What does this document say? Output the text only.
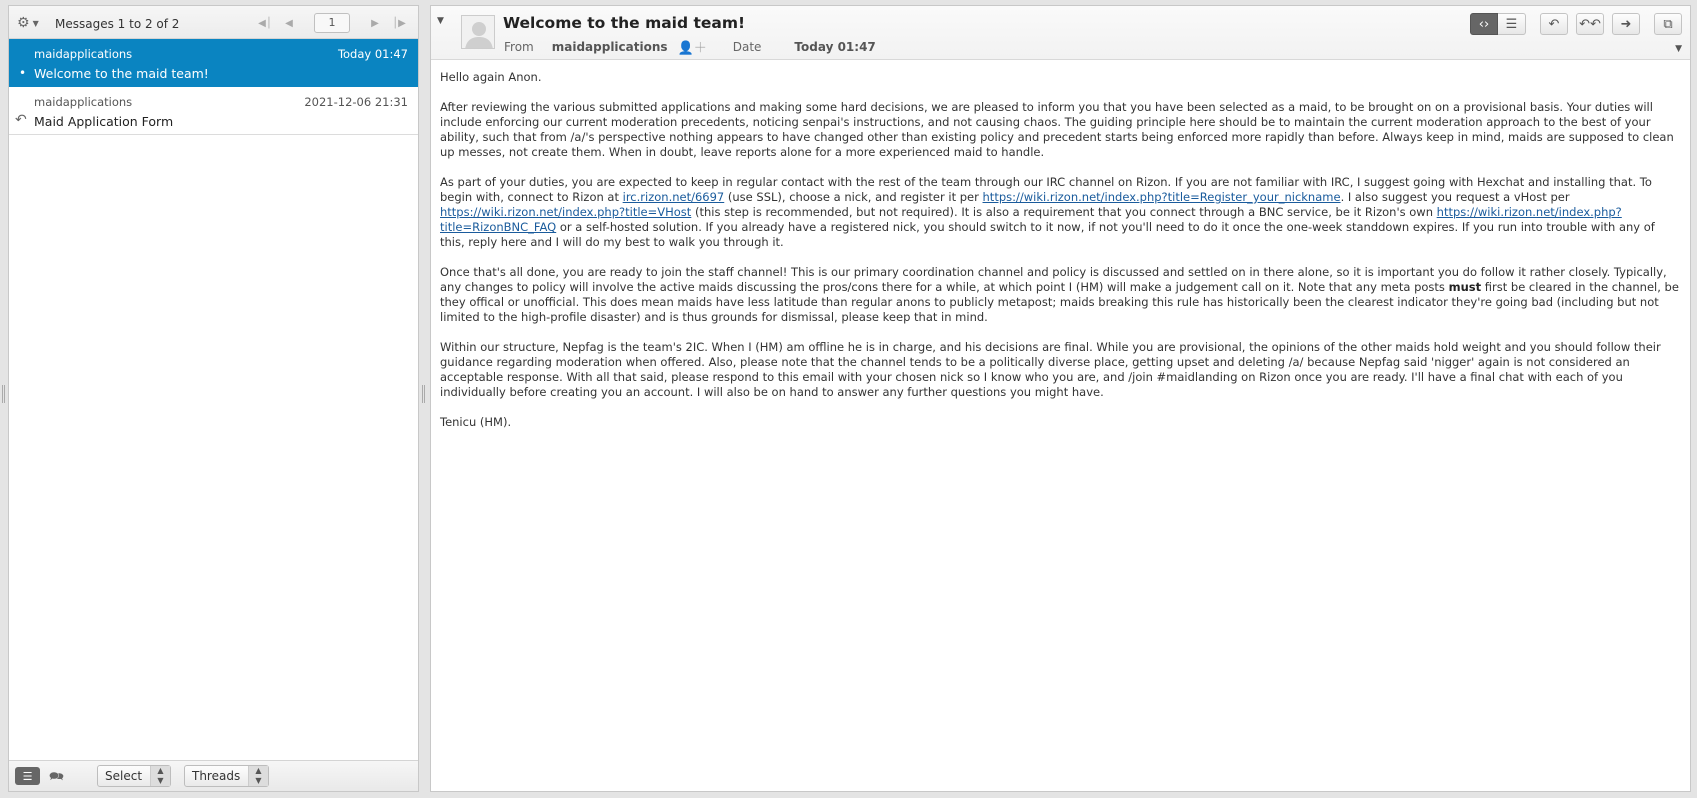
⚙ ▼ Messages 1 to 2 of 2	◀│	◀	1	▶	│▶
maidapplications	Today 01:47
• Welcome to the maid team!
maidapplications	2021-12-06 21:31
↶ Maid Application Form
☰ 🗪	Select	▲
▼	Threads	▲
▼
▼	Welcome to the maid team!
From maidapplications 👤＋ Date	Today 01:47
‹› ☰ ↶ ↶↶ ➜ ⧉
▼

Hello again Anon.

After reviewing the various submitted applications and making some hard decisions, we are pleased to inform you that you have been selected as a maid, to be brought on on a provisional basis. Your duties will include enforcing our current moderation precedents, noticing senpai's instructions, and not causing chaos. The guiding principle here should be to maintain the current moderation approach to the best of your ability, such that from /a/'s perspective nothing appears to have changed other than existing policy and precedent starts being enforced more rapidly than before. Always keep in mind, maids are supposed to clean up messes, not create them. When in doubt, leave reports alone for a more experienced maid to handle.

As part of your duties, you are expected to keep in regular contact with the rest of the team through our IRC channel on Rizon. If you are not familiar with IRC, I suggest going with Hexchat and installing that. To begin with, connect to Rizon at irc.rizon.net/6697 (use SSL), choose a nick, and register it per https://wiki.rizon.net/index.php?title=Register_your_nickname. I also suggest you request a vHost per https://wiki.rizon.net/index.php?title=VHost (this step is recommended, but not required). It is also a requirement that you connect through a BNC service, be it Rizon's own https://wiki.rizon.net/index.php?title=RizonBNC_FAQ or a self-hosted solution. If you already have a registered nick, you should switch to it now, if not you'll need to do it once the one-week standdown expires. If you run into trouble with any of this, reply here and I will do my best to walk you through it.

Once that's all done, you are ready to join the staff channel! This is our primary coordination channel and policy is discussed and settled on in there alone, so it is important you do follow it rather closely. Typically, any changes to policy will involve the active maids discussing the pros/cons there for a while, at which point I (HM) will make a judgement call on it. Note that any meta posts must first be cleared in the channel, be they offical or unofficial. This does mean maids have less latitude than regular anons to publicly metapost; maids breaking this rule has historically been the clearest indicator they're going bad (including but not limited to the high-profile disaster) and is thus grounds for dismissal, please keep that in mind.

Within our structure, Nepfag is the team's 2IC. When I (HM) am offline he is in charge, and his decisions are final. While you are provisional, the opinions of the other maids hold weight and you should follow their guidance regarding moderation when offered. Also, please note that the channel tends to be a politically diverse place, getting upset and deleting /a/ because Nepfag said 'nigger' again is not considered an acceptable response. With all that said, please respond to this email with your chosen nick so I know who you are, and /join #maidlanding on Rizon once you are ready. I'll have a final chat with each of you individually before creating you an account. I will also be on hand to answer any further questions you might have.

Tenicu (HM).
